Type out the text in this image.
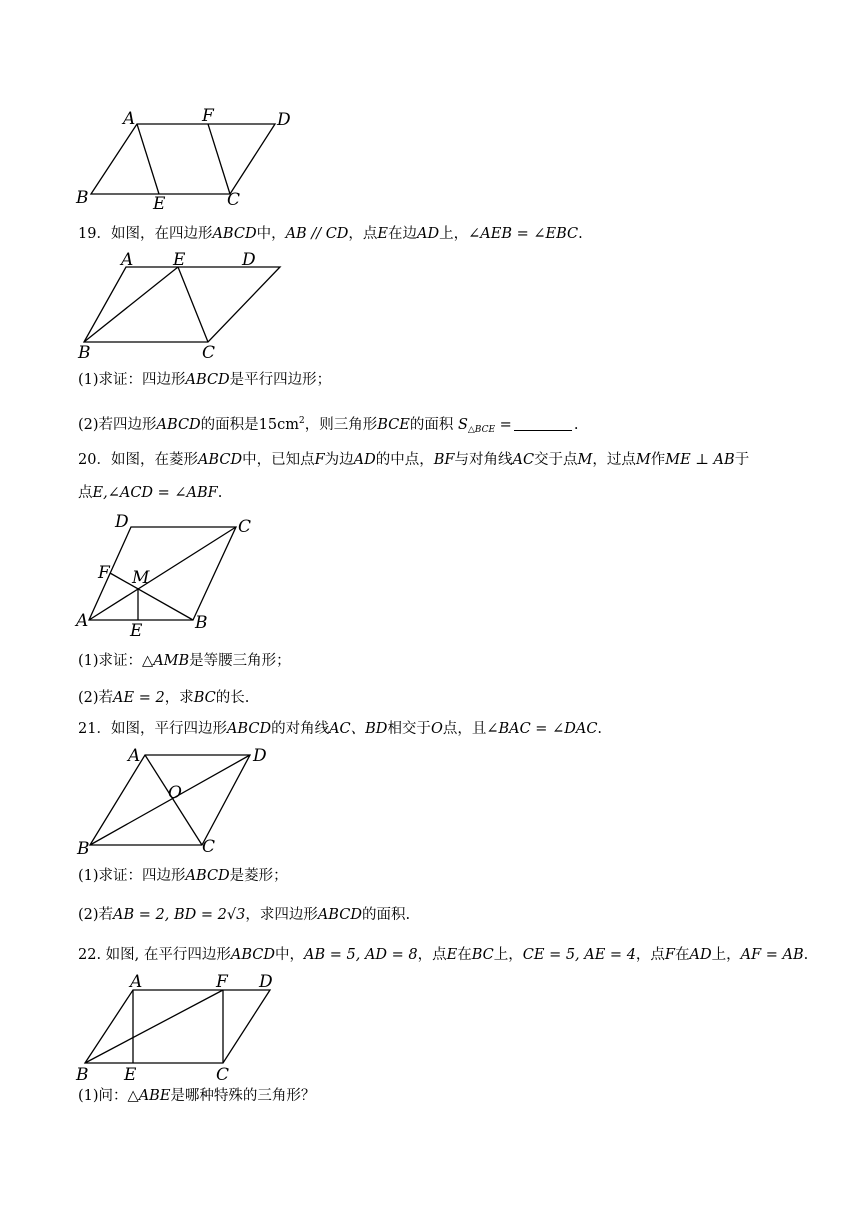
A	F	D
B	E	C
19．如图，在四边形ABCD中，AB // CD，点E在边AD上，∠AEB = ∠EBC.
A E	D
B	C
(1)求证：四边形ABCD是平行四边形；
(2)若四边形ABCD的面积是$15cm^2$，则三角形BCE的面积 $S_{\triangle BCE}$ =	.
20．如图，在菱形ABCD中，已知点F为边AD的中点，BF与对角线AC交于点M，过点M作ME ⊥ AB于
点E,∠ACD = ∠ABF.
D	C
F M
A E	B
(1)求证：△AMB是等腰三角形；
(2)若AE = 2，求BC的长.
21．如图，平行四边形ABCD的对角线AC、BD相交于O点，且∠BAC = ∠DAC.
A	D
O
B	C
(1)求证：四边形ABCD是菱形；
(2)若AB = 2, BD = 2√3，求四边形ABCD的面积.
22. 如图, 在平行四边形ABCD中，AB = 5, AD = 8，点E在BC上，CE = 5, AE = 4，点F在AD上，AF = AB.
A	F D
B E	C
(1)问：△ABE是哪种特殊的三角形？
